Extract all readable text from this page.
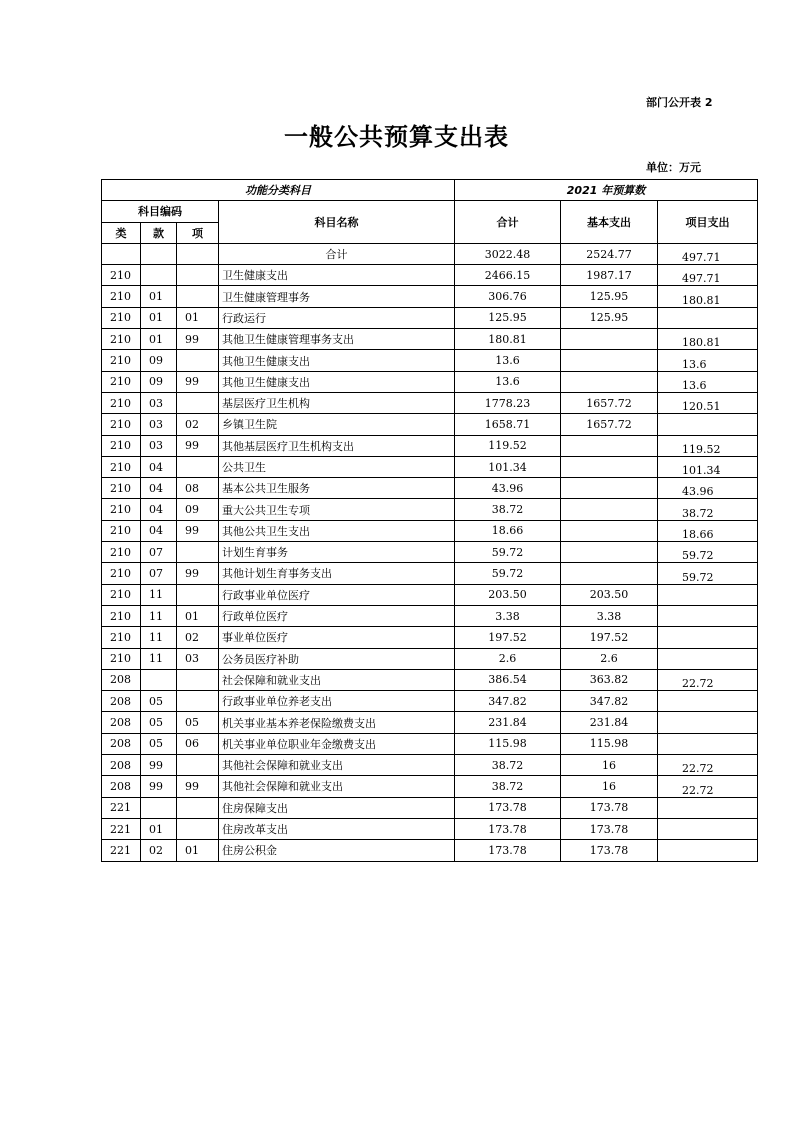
部门公开表 2
一般公共预算支出表
单位：万元
功能分类科目				2021 年预算数		
科目编码			科目名称	合计	基本支出	项目支出
类	款	项				
			合计	3022.48	2524.77	497.71
210			卫生健康支出	2466.15	1987.17	497.71
210	01		卫生健康管理事务	306.76	125.95	180.81
210	01	01	行政运行	125.95	125.95	
210	01	99	其他卫生健康管理事务支出	180.81		180.81
210	09		其他卫生健康支出	13.6		13.6
210	09	99	其他卫生健康支出	13.6		13.6
210	03		基层医疗卫生机构	1778.23	1657.72	120.51
210	03	02	乡镇卫生院	1658.71	1657.72	
210	03	99	其他基层医疗卫生机构支出	119.52		119.52
210	04		公共卫生	101.34		101.34
210	04	08	基本公共卫生服务	43.96		43.96
210	04	09	重大公共卫生专项	38.72		38.72
210	04	99	其他公共卫生支出	18.66		18.66
210	07		计划生育事务	59.72		59.72
210	07	99	其他计划生育事务支出	59.72		59.72
210	11		行政事业单位医疗	203.50	203.50	
210	11	01	行政单位医疗	3.38	3.38	
210	11	02	事业单位医疗	197.52	197.52	
210	11	03	公务员医疗补助	2.6	2.6	
208			社会保障和就业支出	386.54	363.82	22.72
208	05		行政事业单位养老支出	347.82	347.82	
208	05	05	机关事业基本养老保险缴费支出	231.84	231.84	
208	05	06	机关事业单位职业年金缴费支出	115.98	115.98	
208	99		其他社会保障和就业支出	38.72	16	22.72
208	99	99	其他社会保障和就业支出	38.72	16	22.72
221			住房保障支出	173.78	173.78	
221	01		住房改革支出	173.78	173.78	
221	02	01	住房公积金	173.78	173.78	
